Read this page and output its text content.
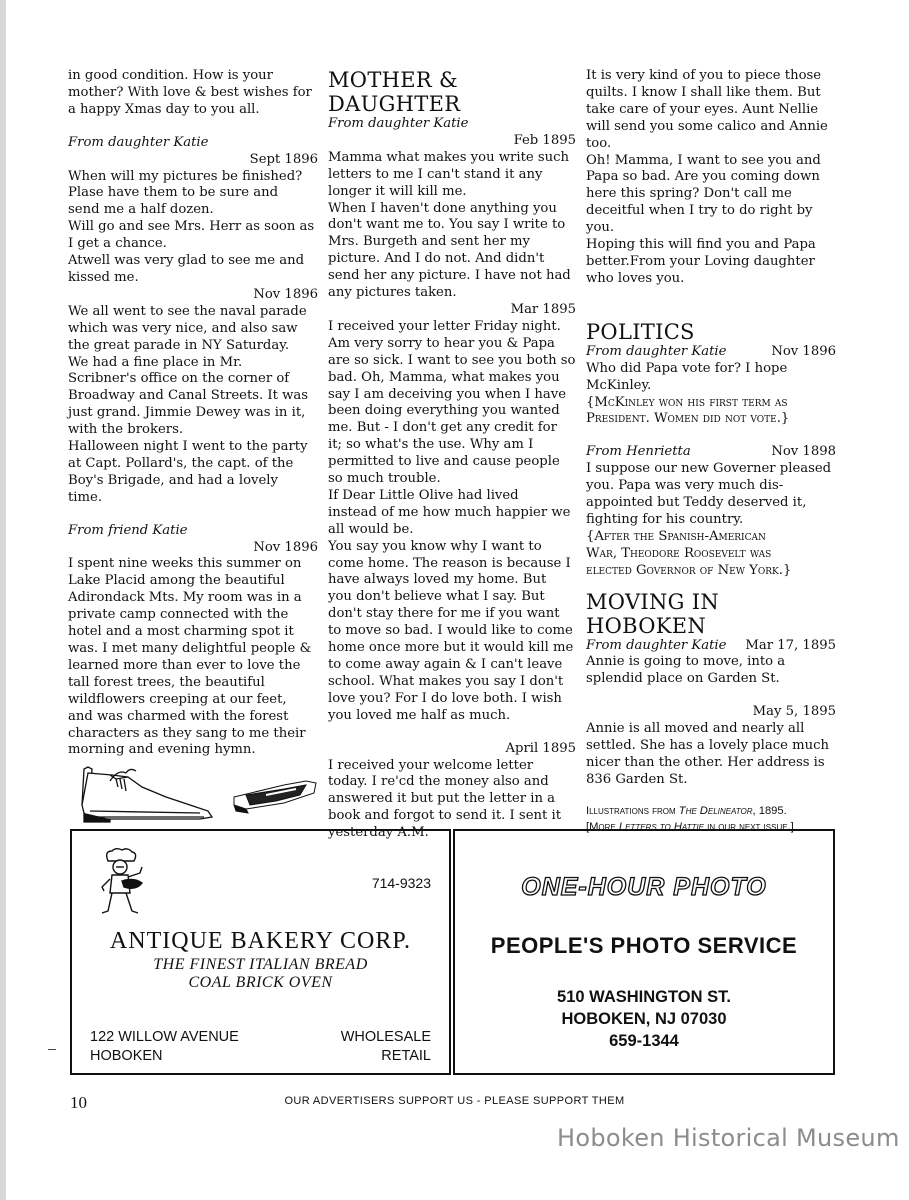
in good condition. How is your

mother? With love & best wishes for

a happy Xmas day to you all.

From daughter Katie

Sept 1896

When will my pictures be finished?

Plase have them to be sure and

send me a half dozen.

Will go and see Mrs. Herr as soon as

I get a chance.

Atwell was very glad to see me and

kissed me.

Nov 1896

We all went to see the naval parade

which was very nice, and also saw

the great parade in NY Saturday.

We had a fine place in Mr.

Scribner's office on the corner of

Broadway and Canal Streets. It was

just grand. Jimmie Dewey was in it,

with the brokers.

Halloween night I went to the party

at Capt. Pollard's, the capt. of the

Boy's Brigade, and had a lovely

time.

From friend Katie

Nov 1896

I spent nine weeks this summer on

Lake Placid among the beautiful

Adirondack Mts. My room was in a

private camp connected with the

hotel and a most charming spot it

was. I met many delightful people &

learned more than ever to love the

tall forest trees, the beautiful

wildflowers creeping at our feet,

and was charmed with the forest

characters as they sang to me their

morning and evening hymn.

MOTHER & DAUGHTER

From daughter Katie

Feb 1895

Mamma what makes you write such

letters to me I can't stand it any

longer it will kill me.

When I haven't done anything you

don't want me to. You say I write to

Mrs. Burgeth and sent her my

picture. And I do not. And didn't

send her any picture. I have not had

any pictures taken.

Mar 1895

I received your letter Friday night.

Am very sorry to hear you & Papa

are so sick. I want to see you both so

bad. Oh, Mamma, what makes you

say I am deceiving you when I have

been doing everything you wanted

me. But - I don't get any credit for

it; so what's the use. Why am I

permitted to live and cause people

so much trouble.

If Dear Little Olive had lived

instead of me how much happier we

all would be.

You say you know why I want to

come home. The reason is because I

have always loved my home. But

you don't believe what I say. But

don't stay there for me if you want

to move so bad. I would like to come

home once more but it would kill me

to come away again & I can't leave

school. What makes you say I don't

love you? For I do love both. I wish

you loved me half as much.

April 1895

I received your welcome letter

today. I re'cd the money also and

answered it but put the letter in a

book and forgot to send it. I sent it

yesterday A.M.

It is very kind of you to piece those

quilts. I know I shall like them. But

take care of your eyes. Aunt Nellie

will send you some calico and Annie

too.

Oh! Mamma, I want to see you and

Papa so bad. Are you coming down

here this spring? Don't call me

deceitful when I try to do right by

you.

Hoping this will find you and Papa

better.From your Loving daughter

who loves you.

POLITICS
From daughter Katie	Nov 1896

Who did Papa vote for? I hope

McKinley.

{McKinley won his first term as

President. Women did not vote.}

From Henrietta	Nov 1898

I suppose our new Governer pleased

you. Papa was very much dis-

appointed but Teddy deserved it,

fighting for his country.

{After the Spanish-American

War, Theodore Roosevelt was

elected Governor of New York.}

MOVING IN HOBOKEN
From daughter Katie Mar 17, 1895

Annie is going to move, into a

splendid place on Garden St.

May 5, 1895

Annie is all moved and nearly all

settled. She has a lovely place much

nicer than the other. Her address is

836 Garden St.

Illustrations from The Delineator, 1895.

[More Letters to Hattie in our next issue.]

714-9323
ANTIQUE BAKERY CORP.
THE FINEST ITALIAN BREAD
COAL BRICK OVEN
122 WILLOW AVENUE
HOBOKEN
WHOLESALE
RETAIL
ONE-HOUR PHOTO
PEOPLE'S PHOTO SERVICE
510 WASHINGTON ST.
HOBOKEN, NJ 07030
659-1344
10	OUR ADVERTISERS SUPPORT US - PLEASE SUPPORT THEM
Hoboken Historical Museum
